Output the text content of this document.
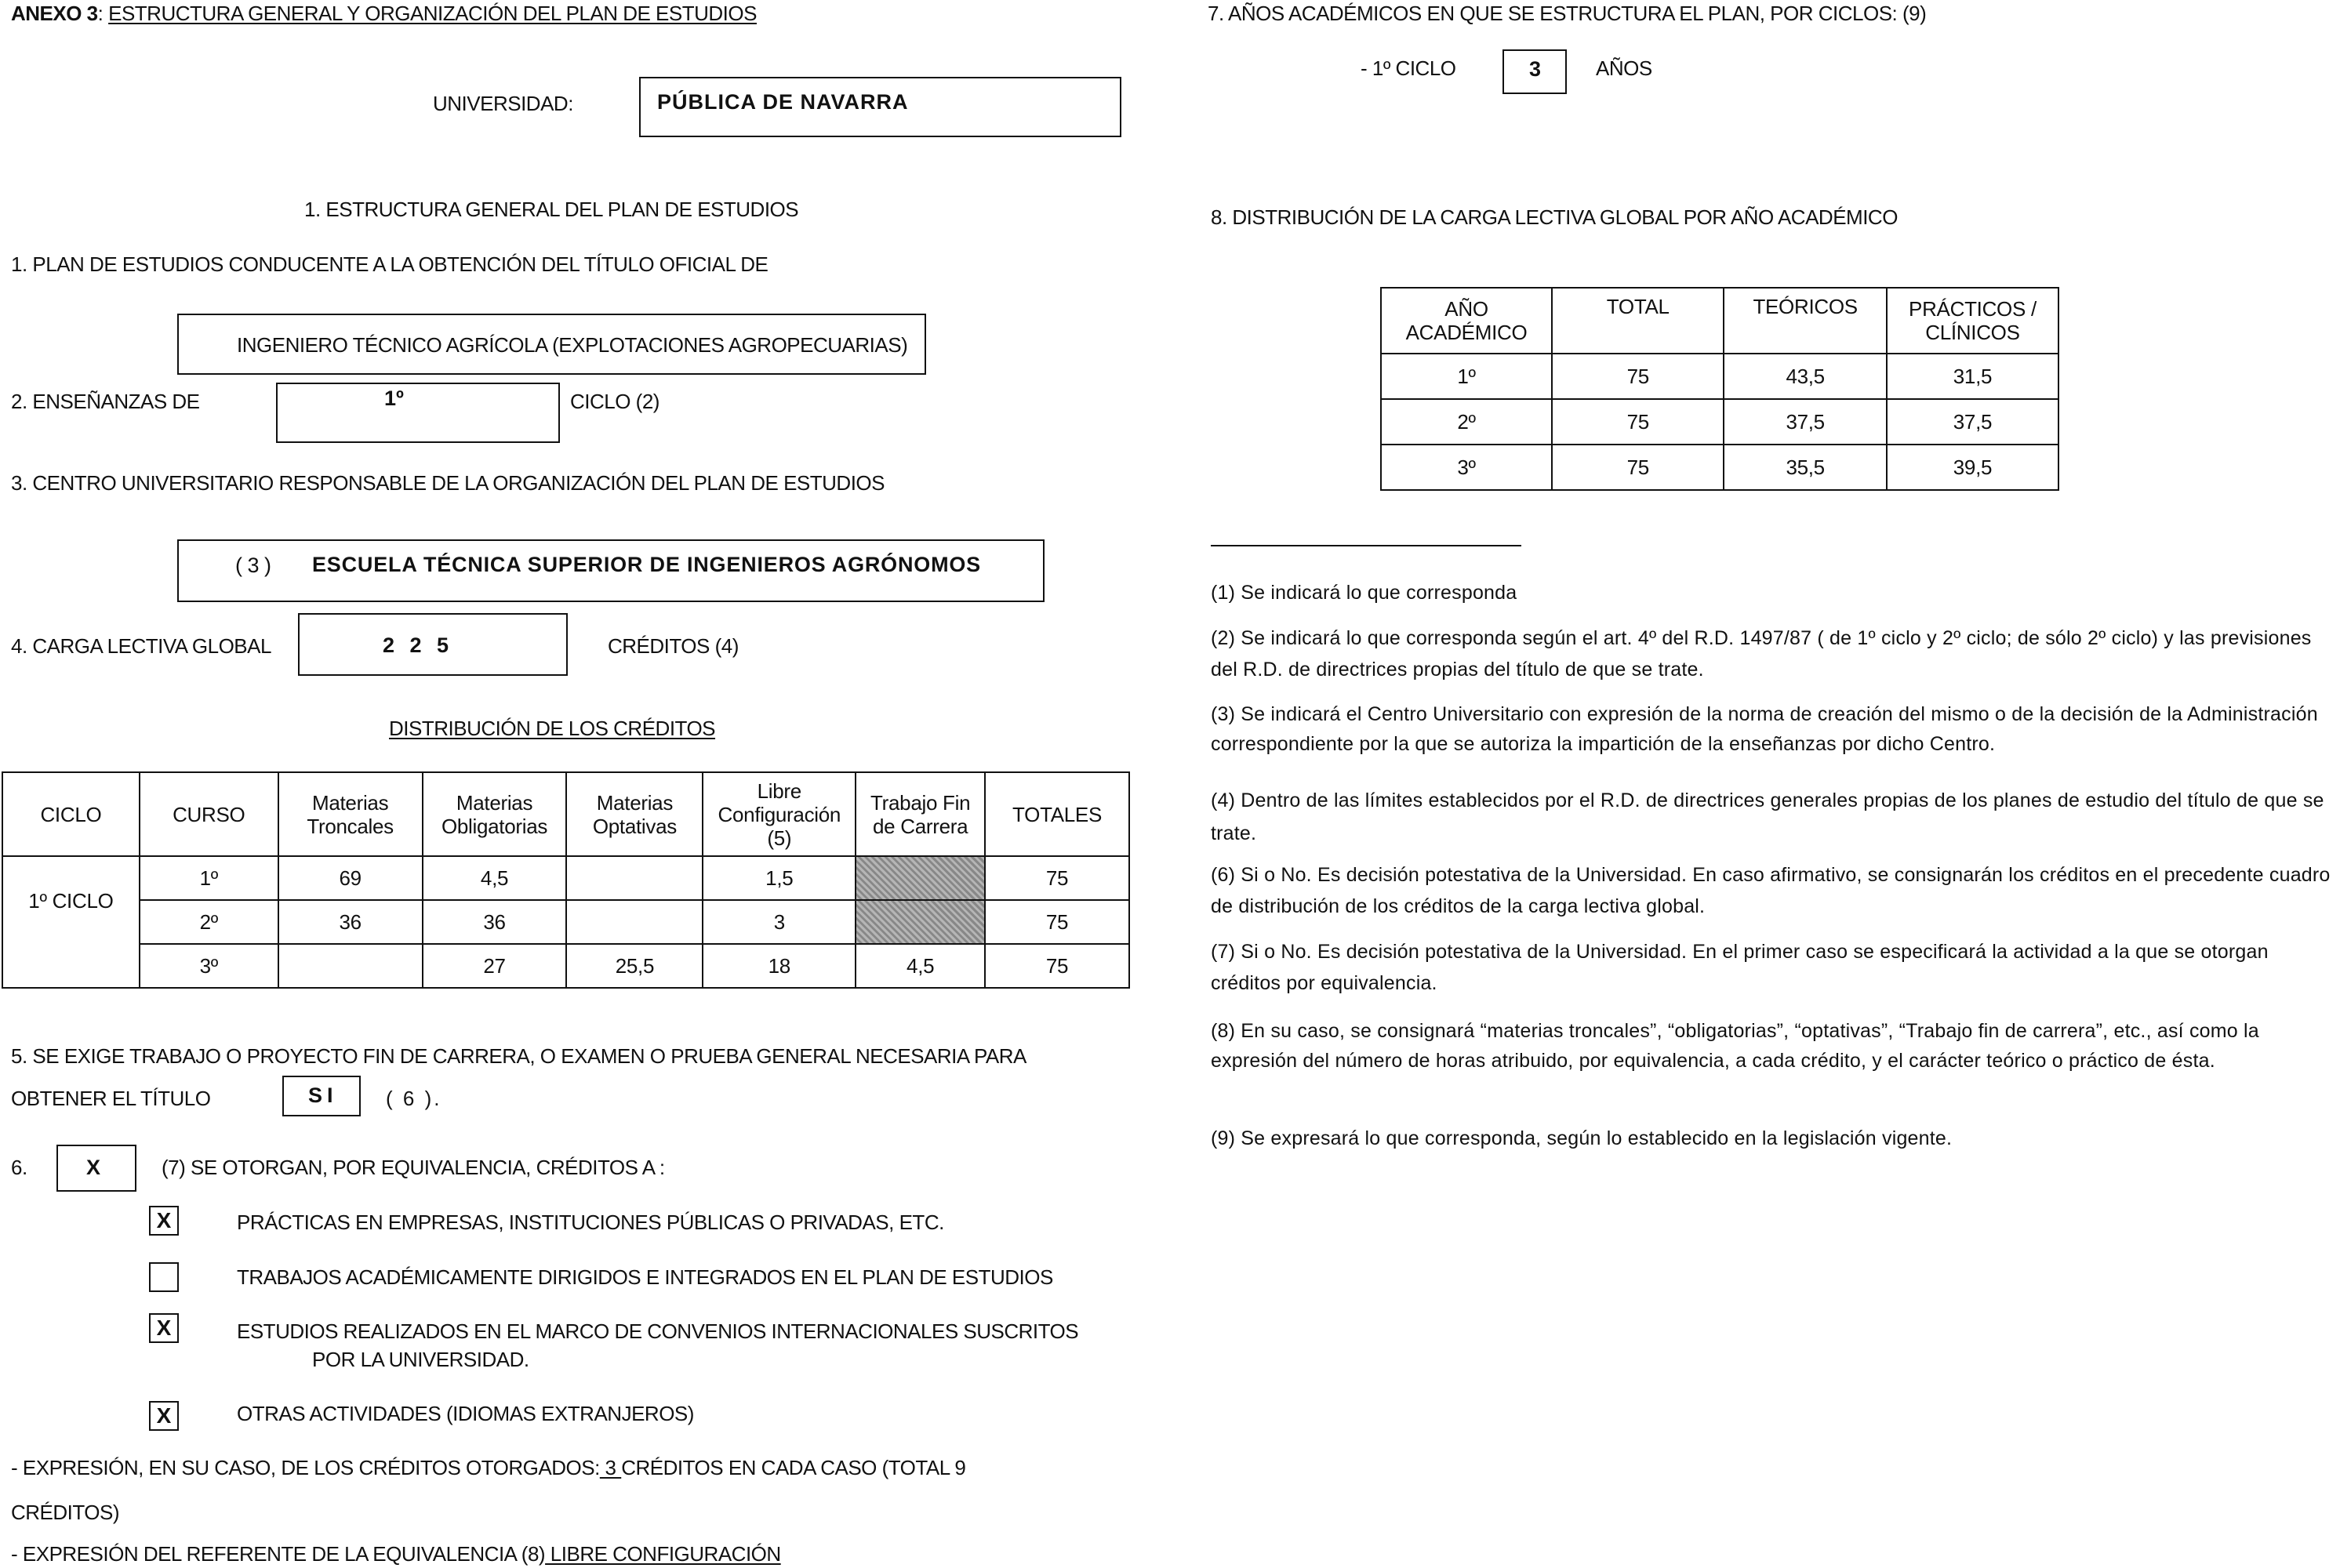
ANEXO 3: ESTRUCTURA GENERAL Y ORGANIZACIÓN DEL PLAN DE ESTUDIOS
UNIVERSIDAD:	PÚBLICA DE NAVARRA
1. ESTRUCTURA GENERAL DEL PLAN DE ESTUDIOS
1. PLAN DE ESTUDIOS CONDUCENTE A LA OBTENCIÓN DEL TÍTULO OFICIAL DE
INGENIERO TÉCNICO AGRÍCOLA (EXPLOTACIONES AGROPECUARIAS)
2. ENSEÑANZAS DE	1º	CICLO (2)
3. CENTRO UNIVERSITARIO RESPONSABLE DE LA ORGANIZACIÓN DEL PLAN DE ESTUDIOS
( 3 ) ESCUELA TÉCNICA SUPERIOR DE INGENIEROS AGRÓNOMOS
4. CARGA LECTIVA GLOBAL	2 2 5	CRÉDITOS (4)
DISTRIBUCIÓN DE LOS CRÉDITOS
CICLO	CURSO	Materias Troncales	Materias Obligatorias	Materias Optativas	Libre Configuración (5)	Trabajo Fin de Carrera	TOTALES
1º CICLO	1º	69	4,5		1,5		75
	2º	36	36		3		75
	3º		27	25,5	18	4,5	75
5. SE EXIGE TRABAJO O PROYECTO FIN DE CARRERA, O EXAMEN O PRUEBA GENERAL NECESARIA PARA
OBTENER EL TÍTULO	SI ( 6 ).
6.	X	(7) SE OTORGAN, POR EQUIVALENCIA, CRÉDITOS A :
X	PRÁCTICAS EN EMPRESAS, INSTITUCIONES PÚBLICAS O PRIVADAS, ETC.
TRABAJOS ACADÉMICAMENTE DIRIGIDOS E INTEGRADOS EN EL PLAN DE ESTUDIOS
X	ESTUDIOS REALIZADOS EN EL MARCO DE CONVENIOS INTERNACIONALES SUSCRITOS
POR LA UNIVERSIDAD.
X	OTRAS ACTIVIDADES (IDIOMAS EXTRANJEROS)
- EXPRESIÓN, EN SU CASO, DE LOS CRÉDITOS OTORGADOS: 3 CRÉDITOS EN CADA CASO (TOTAL 9
CRÉDITOS)
- EXPRESIÓN DEL REFERENTE DE LA EQUIVALENCIA (8) LIBRE CONFIGURACIÓN
7. AÑOS ACADÉMICOS EN QUE SE ESTRUCTURA EL PLAN, POR CICLOS: (9)
- 1º CICLO	3	AÑOS
8. DISTRIBUCIÓN DE LA CARGA LECTIVA GLOBAL POR AÑO ACADÉMICO
AÑO ACADÉMICO	TOTAL	TEÓRICOS	PRÁCTICOS / CLÍNICOS

1º	75	43,5	31,5
2º	75	37,5	37,5
3º	75	35,5	39,5
(1) Se indicará lo que corresponda
(2) Se indicará lo que corresponda según el art. 4º del R.D. 1497/87 ( de 1º ciclo y 2º ciclo; de sólo 2º ciclo) y las previsiones del R.D. de directrices propias del título de que se trate.
(3) Se indicará el Centro Universitario con expresión de la norma de creación del mismo o de la decisión de la Administración correspondiente por la que se autoriza la impartición de la enseñanzas por dicho Centro.
(4) Dentro de las límites establecidos por el R.D. de directrices generales propias de los planes de estudio del título de que se trate.
(6) Si o No. Es decisión potestativa de la Universidad. En caso afirmativo, se consignarán los créditos en el precedente cuadro de distribución de los créditos de la carga lectiva global.
(7) Si o No. Es decisión potestativa de la Universidad. En el primer caso se especificará la actividad a la que se otorgan créditos por equivalencia.
(8) En su caso, se consignará “materias troncales”, “obligatorias”, “optativas”, “Trabajo fin de carrera”, etc., así como la expresión del número de horas atribuido, por equivalencia, a cada crédito, y el carácter teórico o práctico de ésta.
(9) Se expresará lo que corresponda, según lo establecido en la legislación vigente.
